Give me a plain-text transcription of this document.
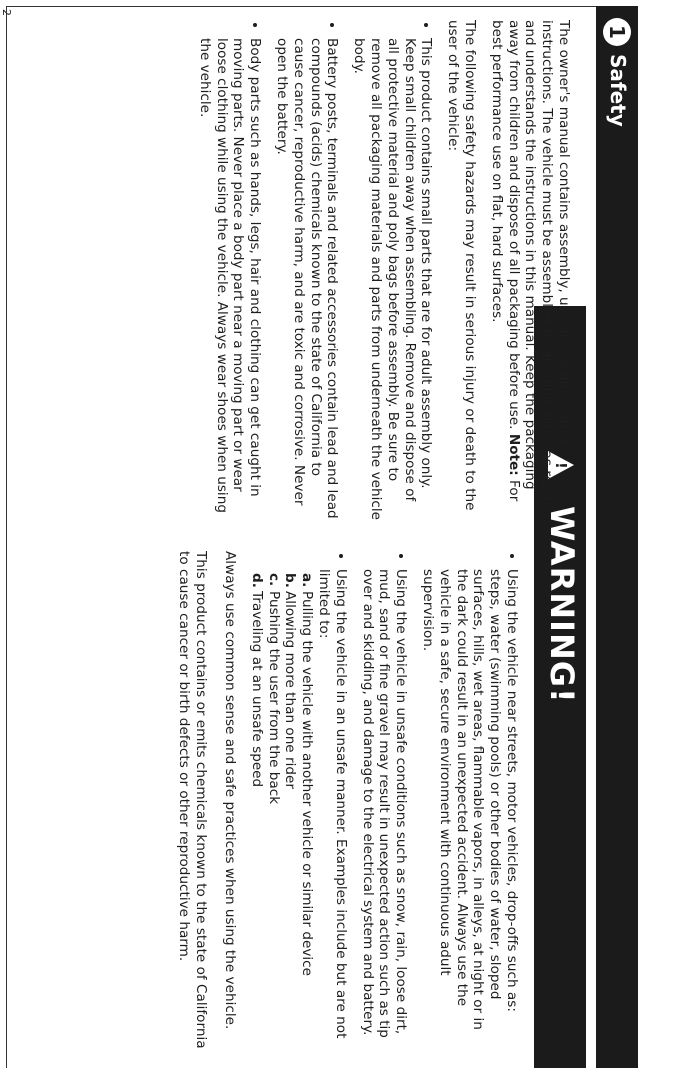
2
1
Safety
!
WARNING!

The owner's manual contains assembly, use and maintenance instructions. The vehicle must be assembled by an adult who has read and understands the instructions in this manual. Keep the packaging away from children and dispose of all packaging before use. Note: For best performance use on flat, hard surfaces.

The following safety hazards may result in serious injury or death to the user of the vehicle:

• This product contains small parts that are for adult assembly only. Keep small children away when assembling. Remove and dispose of all protective material and poly bags before assembly. Be sure to remove all packaging materials and parts from underneath the vehicle body.
• Battery posts, terminals and related accessories contain lead and lead compounds (acids) chemicals known to the state of California to cause cancer, reproductive harm, and are toxic and corrosive. Never open the battery.
• Body parts such as hands, legs, hair and clothing can get caught in moving parts. Never place a body part near a moving part or wear loose clothing while using the vehicle. Always wear shoes when using the vehicle.
• Using the vehicle near streets, motor vehicles, drop-offs such as: steps, water (swimming pools) or other bodies of water, sloped surfaces, hills, wet areas, flammable vapors, in alleys, at night or in the dark could result in an unexpected accident. Always use the vehicle in a safe, secure environment with continuous adult supervision.
• Using the vehicle in unsafe conditions such as snow, rain, loose dirt, mud, sand or fine gravel may result in unexpected action such as tip over and skidding, and damage to the electrical system and battery.
• Using the vehicle in an unsafe manner. Examples include but are not limited to:
a.
Pulling the vehicle with another vehicle or similar device
b.
Allowing more than one rider
c.
Pushing the user from the back
d.
Traveling at an unsafe speed

Always use common sense and safe practices when using the vehicle.

This product contains or emits chemicals known to the state of California to cause cancer or birth defects or other reproductive harm.
